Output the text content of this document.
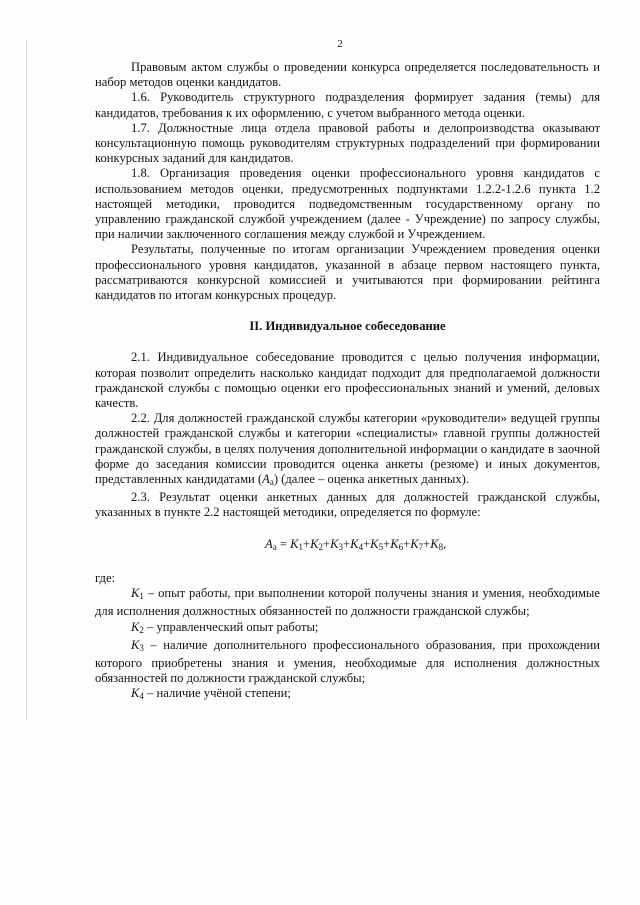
2

Правовым актом службы о проведении конкурса определяется последовательность и набор методов оценки кандидатов.

1.6. Руководитель структурного подразделения формирует задания (темы) для кандидатов, требования к их оформлению, с учетом выбранного метода оценки.

1.7. Должностные лица отдела правовой работы и делопроизводства оказывают консультационную помощь руководителям структурных подразделений при формировании конкурсных заданий для кандидатов.

1.8. Организация проведения оценки профессионального уровня кандидатов с использованием методов оценки, предусмотренных подпунктами 1.2.2-1.2.6 пункта 1.2 настоящей методики, проводится подведомственным государственному органу по управлению гражданской службой учреждением (далее - Учреждение) по запросу службы, при наличии заключенного соглашения между службой и Учреждением.

Результаты, полученные по итогам организации Учреждением проведения оценки профессионального уровня кандидатов, указанной в абзаце первом настоящего пункта, рассматриваются конкурсной комиссией и учитываются при формировании рейтинга кандидатов по итогам конкурсных процедур.

II. Индивидуальное собеседование

2.1. Индивидуальное собеседование проводится с целью получения информации, которая позволит определить насколько кандидат подходит для предполагаемой должности гражданской службы с помощью оценки его профессиональных знаний и умений, деловых качеств.

2.2. Для должностей гражданской службы категории «руководители» ведущей группы должностей гражданской службы и категории «специалисты» главной группы должностей гражданской службы, в целях получения дополнительной информации о кандидате в заочной форме до заседания комиссии проводится оценка анкеты (резюме) и иных документов, представленных кандидатами $(A_a)$ (далее – оценка анкетных данных).

2.3. Результат оценки анкетных данных для должностей гражданской службы, указанных в пункте 2.2 настоящей методики, определяется по формуле:

$A_a = K_1+K_2+K_3+K_4+K_5+K_6+K_7+K_8$,

где:

$K_1$ – опыт работы, при выполнении которой получены знания и умения, необходимые для исполнения должностных обязанностей по должности гражданской службы;

$K_2$ – управленческий опыт работы;

$K_3$ – наличие дополнительного профессионального образования, при прохождении которого приобретены знания и умения, необходимые для исполнения должностных обязанностей по должности гражданской службы;

$K_4$ – наличие учёной степени;
